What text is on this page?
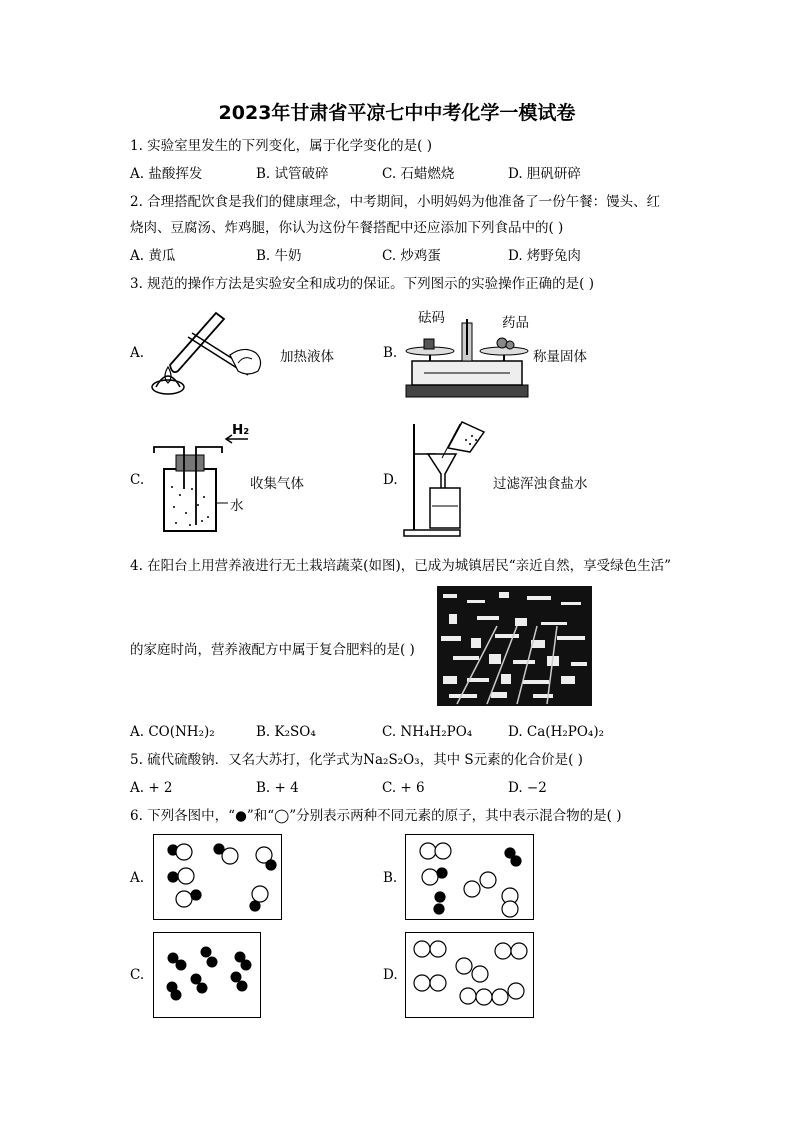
2023年甘肃省平凉七中中考化学一模试卷
1. 实验室里发生的下列变化，属于化学变化的是( )
A. 盐酸挥发	B. 试管破碎	C. 石蜡燃烧	D. 胆矾研碎
2. 合理搭配饮食是我们的健康理念，中考期间，小明妈妈为他准备了一份午餐：馒头、红
烧肉、豆腐汤、炸鸡腿，你认为这份午餐搭配中还应添加下列食品中的( )
A. 黄瓜	B. 牛奶	C. 炒鸡蛋	D. 烤野兔肉
3. 规范的操作方法是实验安全和成功的保证。下列图示的实验操作正确的是( )
A.	加热液体	B.
砝码	药品
称量固体
C.
H₂
水
收集气体	D.	过滤浑浊食盐水
4. 在阳台上用营养液进行无土栽培蔬菜(如图)，已成为城镇居民“亲近自然，享受绿色生活”
的家庭时尚，营养液配方中属于复合肥料的是( )
A. CO(NH₂)₂	B. K₂SO₄	C. NH₄H₂PO₄	D. Ca(H₂PO₄)₂
5. 硫代硫酸钠．又名大苏打，化学式为Na₂S₂O₃，其中 S元素的化合价是( )
A. + 2	B. + 4	C. + 6	D. −2
6. 下列各图中，“●”和“◯”分别表示两种不同元素的原子，其中表示混合物的是( )
A.	B.
C.	D.
